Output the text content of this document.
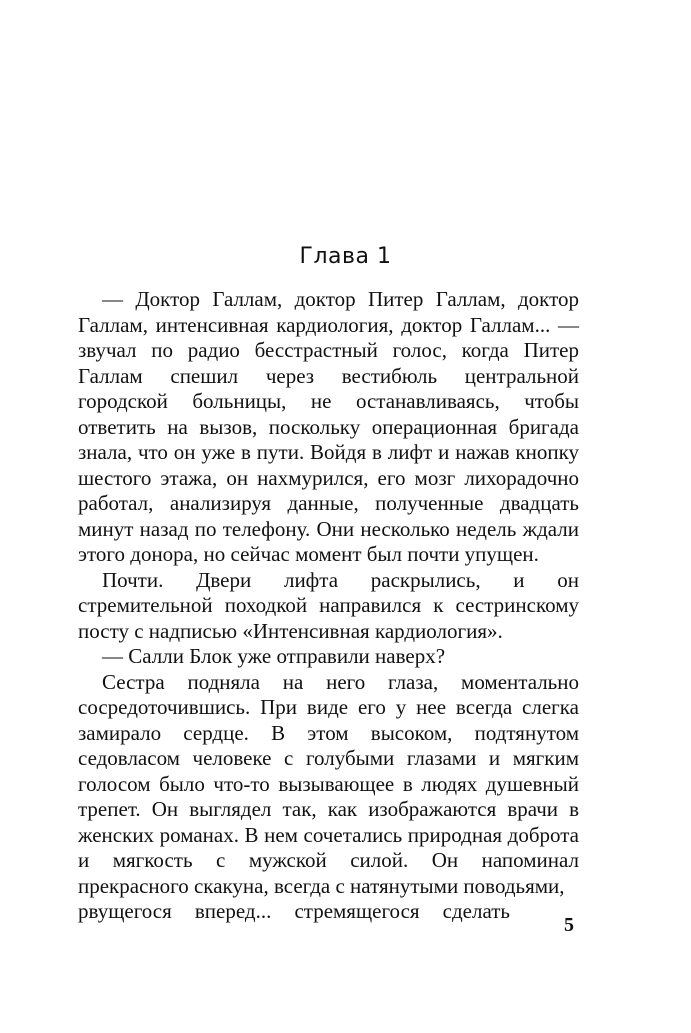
Глава 1

— Доктор Галлам, доктор Питер Галлам, доктор Галлам, интенсивная кардиология, доктор Галлам... — звучал по радио бесстрастный голос, когда Питер Галлам спешил через вестибюль центральной городской больницы, не останавливаясь, чтобы ответить на вызов, поскольку операционная бригада знала, что он уже в пути. Войдя в лифт и нажав кнопку шестого этажа, он нахмурился, его мозг лихорадочно работал, анализируя данные, полученные двадцать минут назад по телефону. Они несколько недель ждали этого донора, но сейчас момент был почти упущен.

Почти. Двери лифта раскрылись, и он стремительной походкой направился к сестринскому посту с надписью «Интенсивная кардиология».

— Салли Блок уже отправили наверх?

Сестра подняла на него глаза, моментально сосредоточившись. При виде его у нее всегда слегка замирало сердце. В этом высоком, подтянутом седовласом человеке с голубыми глазами и мягким голосом было что-то вызывающее в людях душевный трепет. Он выглядел так, как изображаются врачи в женских романах. В нем сочетались природная доброта и мягкость с мужской силой. Он напоминал прекрасного скакуна, всегда с натянутыми поводьями,

рвущегося вперед... стремящегося сделать

5
